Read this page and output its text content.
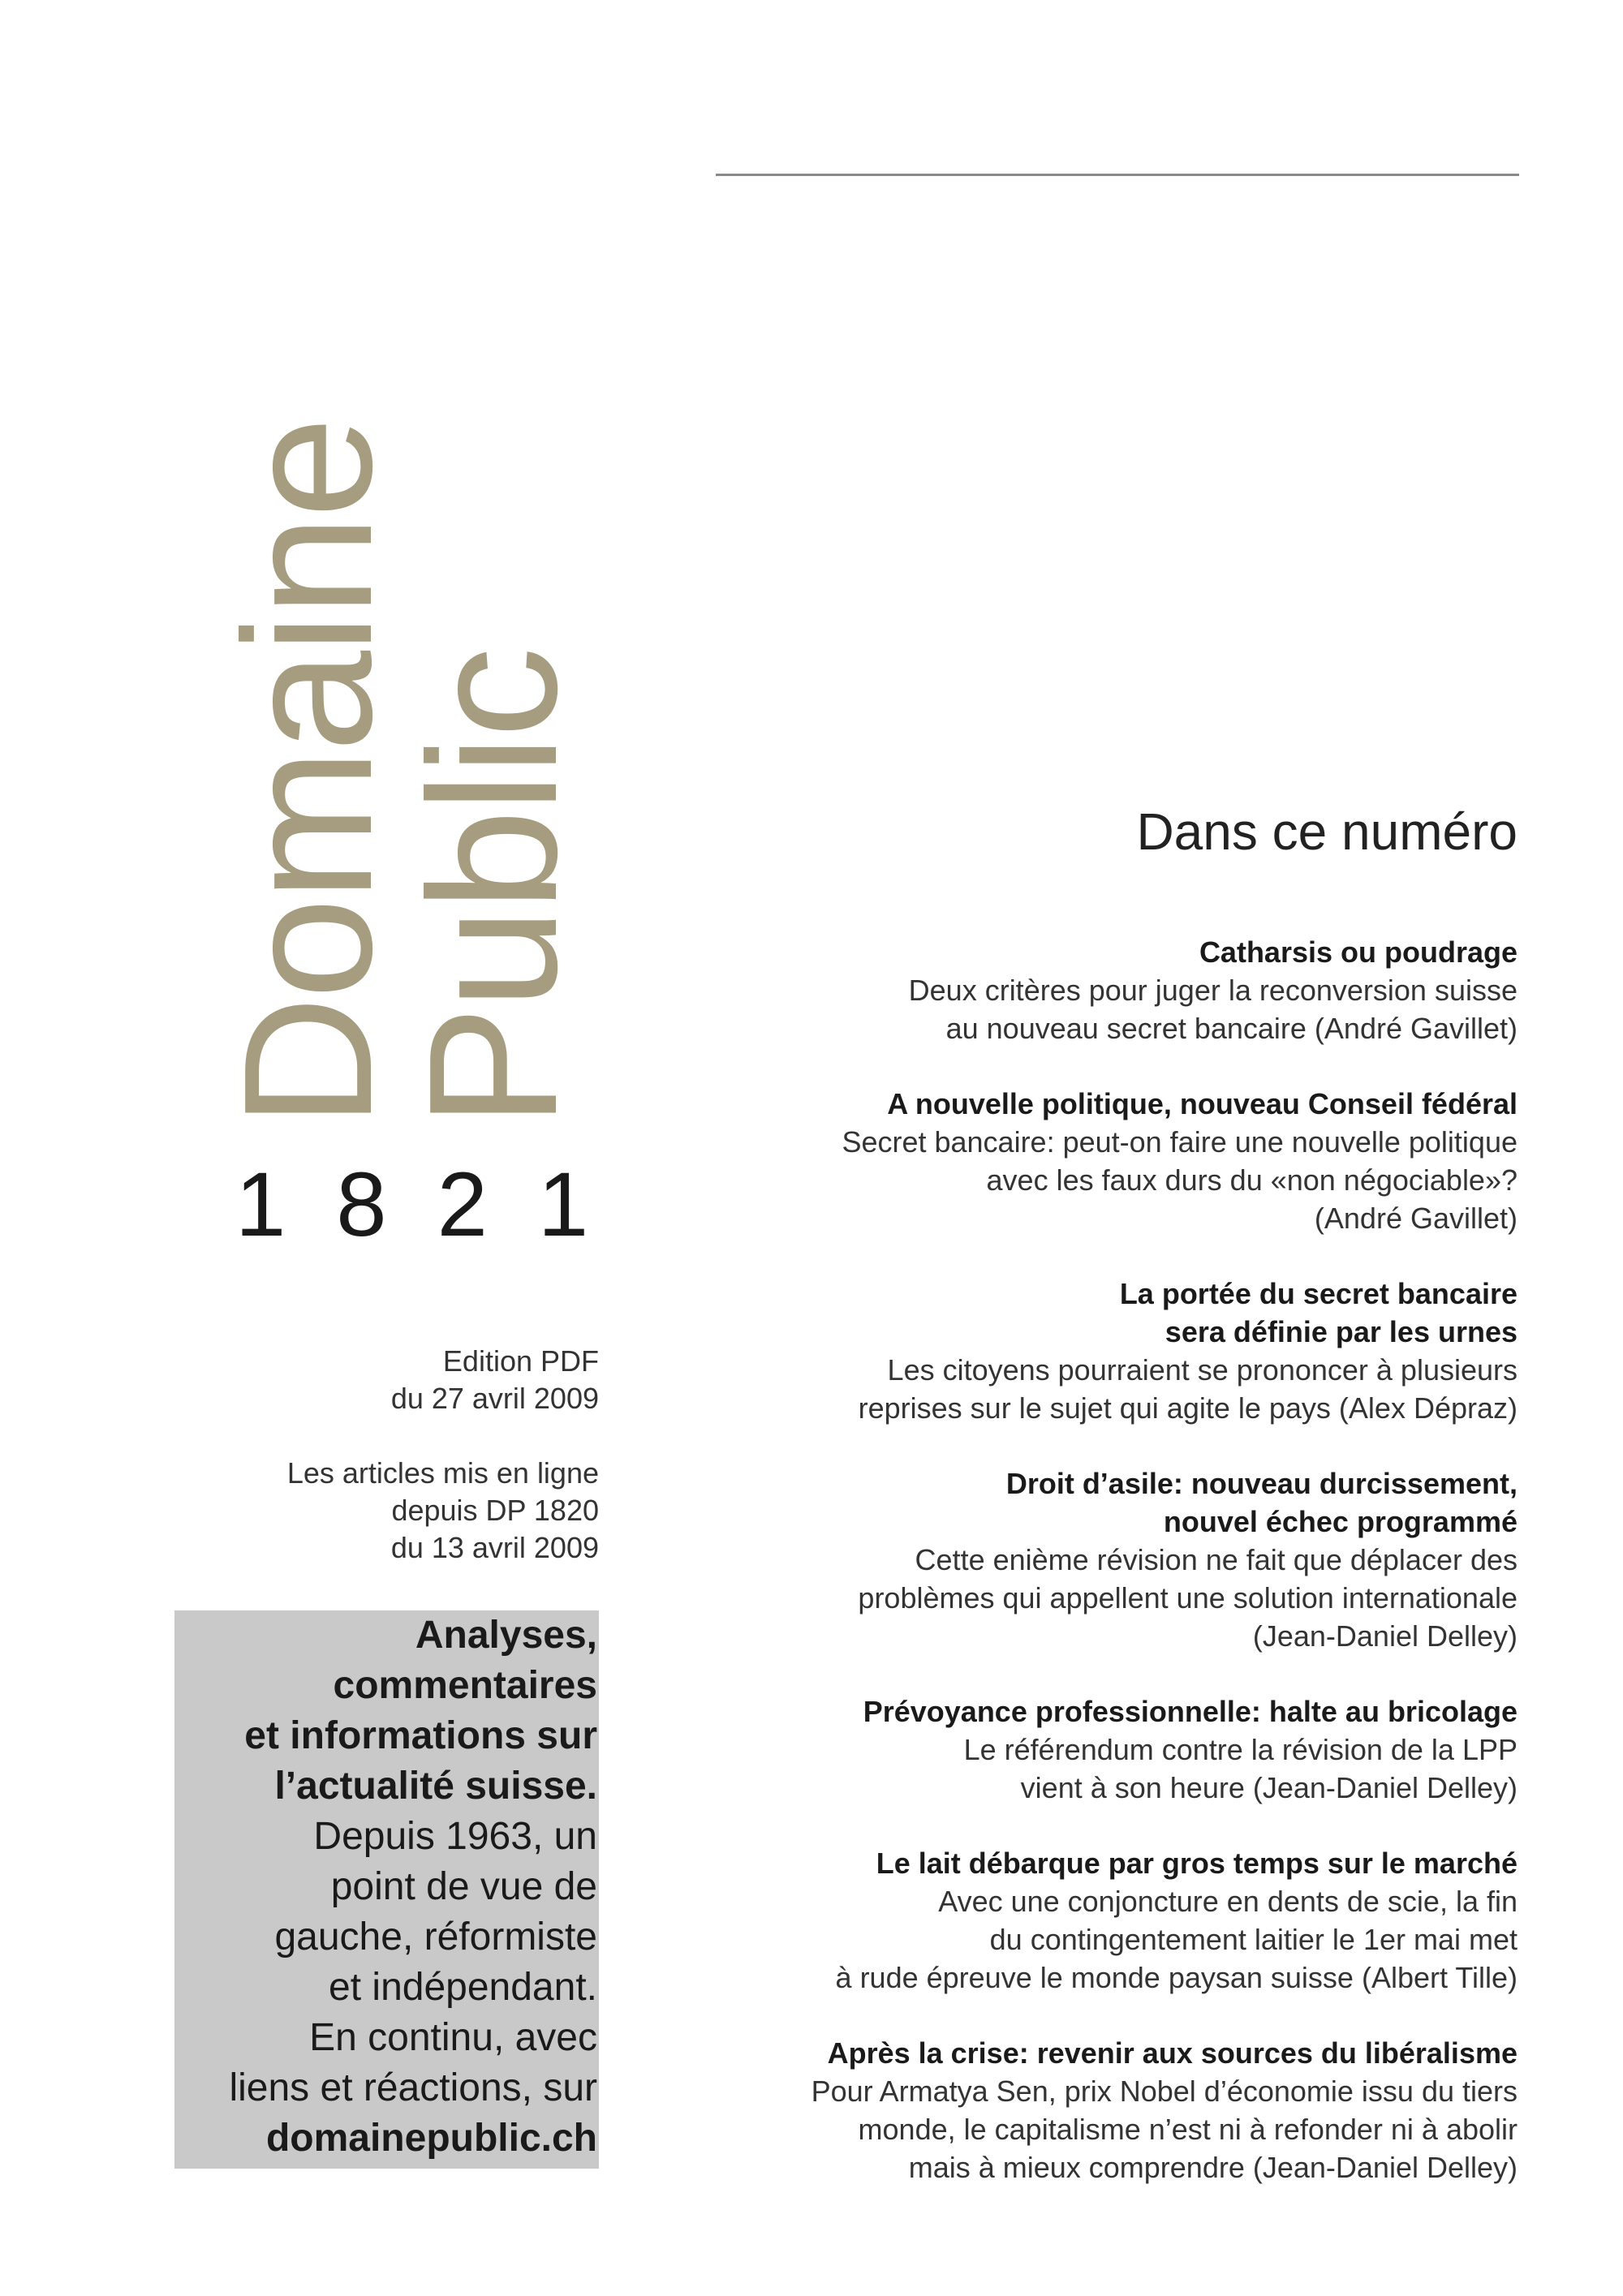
Domaine
Public
1821

Edition PDF

du 27 avril 2009

Les articles mis en ligne

depuis DP 1820

du 13 avril 2009

Analyses,
commentaires
et informations sur
l’actualité suisse.
Depuis 1963, un
point de vue de
gauche, réformiste
et indépendant.
En continu, avec
liens et réactions, sur
domainepublic.ch
Dans ce numéro
Catharsis ou poudrage
Deux critères pour juger la reconversion suisse
au nouveau secret bancaire (André Gavillet)
A nouvelle politique, nouveau Conseil fédéral
Secret bancaire: peut-on faire une nouvelle politique
avec les faux durs du «non négociable»?
(André Gavillet)
La portée du secret bancaire
sera définie par les urnes
Les citoyens pourraient se prononcer à plusieurs
reprises sur le sujet qui agite le pays (Alex Dépraz)
Droit d’asile: nouveau durcissement,
nouvel échec programmé
Cette enième révision ne fait que déplacer des
problèmes qui appellent une solution internationale
(Jean-Daniel Delley)
Prévoyance professionnelle: halte au bricolage
Le référendum contre la révision de la LPP
vient à son heure (Jean-Daniel Delley)
Le lait débarque par gros temps sur le marché
Avec une conjoncture en dents de scie, la fin
du contingentement laitier le 1er mai met
à rude épreuve le monde paysan suisse (Albert Tille)
Après la crise: revenir aux sources du libéralisme
Pour Armatya Sen, prix Nobel d’économie issu du tiers
monde, le capitalisme n’est ni à refonder ni à abolir
mais à mieux comprendre (Jean-Daniel Delley)
